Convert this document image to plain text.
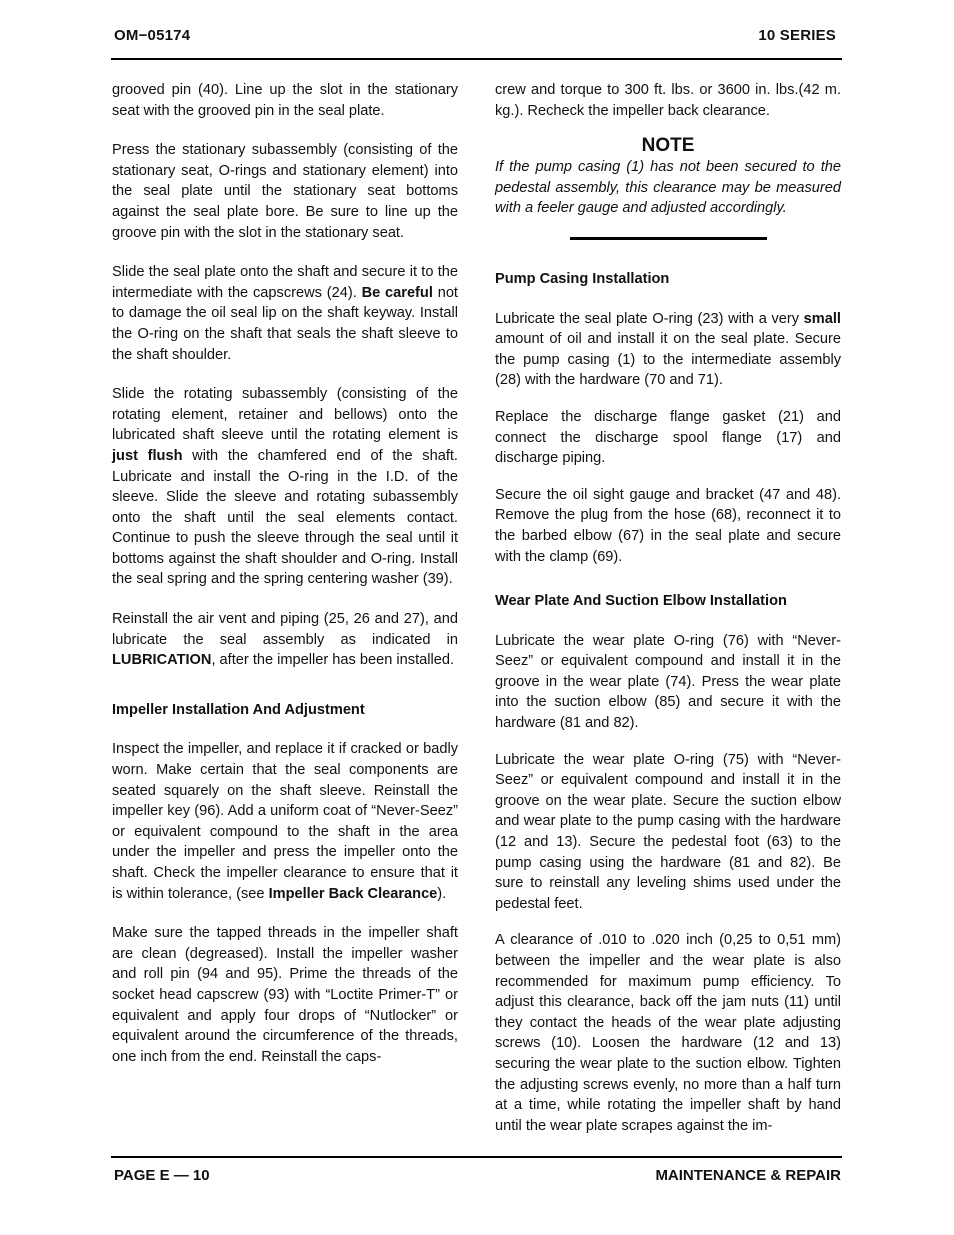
OM−05174	10 SERIES

grooved pin (40). Line up the slot in the stationary seat with the grooved pin in the seal plate.

Press the stationary subassembly (consisting of the stationary seat, O-rings and stationary element) into the seal plate until the stationary seat bottoms against the seal plate bore. Be sure to line up the groove pin with the slot in the stationary seat.

Slide the seal plate onto the shaft and secure it to the intermediate with the capscrews (24). Be careful not to damage the oil seal lip on the shaft keyway. Install the O-ring on the shaft that seals the shaft sleeve to the shaft shoulder.

Slide the rotating subassembly (consisting of the rotating element, retainer and bellows) onto the lubricated shaft sleeve until the rotating element is just flush with the chamfered end of the shaft. Lubricate and install the O-ring in the I.D. of the sleeve. Slide the sleeve and rotating subassembly onto the shaft until the seal elements contact. Continue to push the sleeve through the seal until it bottoms against the shaft shoulder and O-ring. Install the seal spring and the spring centering washer (39).

Reinstall the air vent and piping (25, 26 and 27), and lubricate the seal assembly as indicated in LUBRICATION, after the impeller has been installed.

Impeller Installation And Adjustment

Inspect the impeller, and replace it if cracked or badly worn. Make certain that the seal components are seated squarely on the shaft sleeve. Reinstall the impeller key (96). Add a uniform coat of “Never-Seez” or equivalent compound to the shaft in the area under the impeller and press the impeller onto the shaft. Check the impeller clearance to ensure that it is within tolerance, (see Impeller Back Clearance).

Make sure the tapped threads in the impeller shaft are clean (degreased). Install the impeller washer and roll pin (94 and 95). Prime the threads of the socket head capscrew (93) with “Loctite Primer-T” or equivalent and apply four drops of “Nutlocker” or equivalent around the circumference of the threads, one inch from the end. Reinstall the caps-

crew and torque to 300 ft. lbs. or 3600 in. lbs.(42 m. kg.). Recheck the impeller back clearance.

NOTE

If the pump casing (1) has not been secured to the pedestal assembly, this clearance may be measured with a feeler gauge and adjusted accordingly.

Pump Casing Installation

Lubricate the seal plate O-ring (23) with a very small amount of oil and install it on the seal plate. Secure the pump casing (1) to the intermediate assembly (28) with the hardware (70 and 71).

Replace the discharge flange gasket (21) and connect the discharge spool flange (17) and discharge piping.

Secure the oil sight gauge and bracket (47 and 48). Remove the plug from the hose (68), reconnect it to the barbed elbow (67) in the seal plate and secure with the clamp (69).

Wear Plate And Suction Elbow Installation

Lubricate the wear plate O-ring (76) with “Never-Seez” or equivalent compound and install it in the groove in the wear plate (74). Press the wear plate into the suction elbow (85) and secure it with the hardware (81 and 82).

Lubricate the wear plate O-ring (75) with “Never-Seez” or equivalent compound and install it in the groove on the wear plate. Secure the suction elbow and wear plate to the pump casing with the hardware (12 and 13). Secure the pedestal foot (63) to the pump casing using the hardware (81 and 82). Be sure to reinstall any leveling shims used under the pedestal feet.

A clearance of .010 to .020 inch (0,25 to 0,51 mm) between the impeller and the wear plate is also recommended for maximum pump efficiency. To adjust this clearance, back off the jam nuts (11) until they contact the heads of the wear plate adjusting screws (10). Loosen the hardware (12 and 13) securing the wear plate to the suction elbow. Tighten the adjusting screws evenly, no more than a half turn at a time, while rotating the impeller shaft by hand until the wear plate scrapes against the im-

PAGE E — 10	MAINTENANCE & REPAIR
